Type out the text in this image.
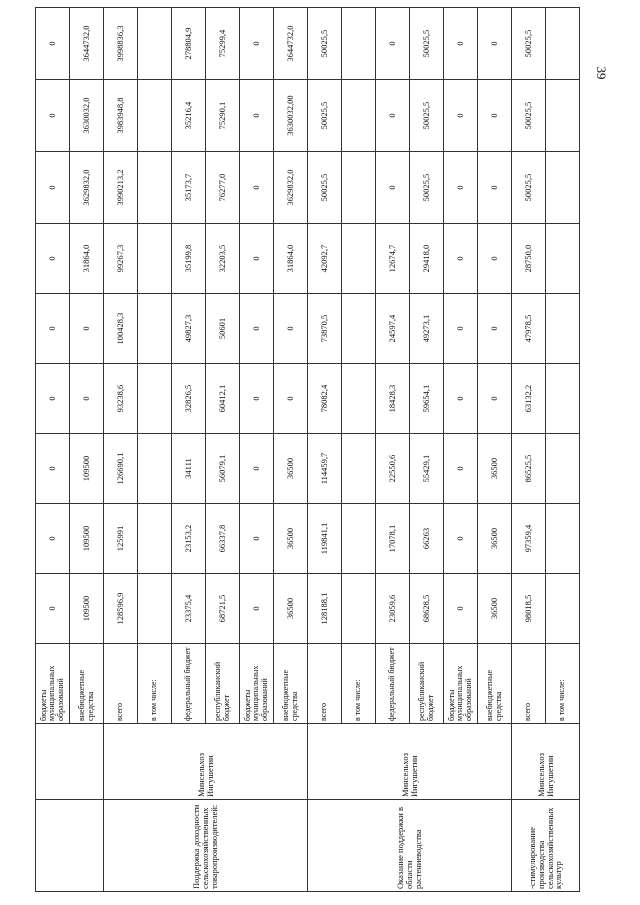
39
		бюджеты муниципальных образований	0	0	0	0	0	0	0	0	0
		внебюджетные средства	109500	109500	109500	0	0	31864,0	3629832,0	3630032,0	3644732,0
Поддержка доходности сельскохозяйственных товаропроизводителей:	Минсельхоз Ингушетии	всего	128596,9	125991	126690,1	93238,6	100428,3	99267,3	3990213,2	3983948,8	3998836,3
		в том числе:									
		федеральный бюджет	23375,4	23153,2	34111	32826,5	49827,3	35199,8	35173,7	35216,4	278804,9
		республиканский бюджет	68721,5	66337,8	56079,1	60412,1	50601	32203,5	76277,0	75290,1	75299,4
		бюджеты муниципальных образований	0	0	0	0	0	0	0	0	0
		внебюджетные средства	36500	36500	36500	0	0	31864,0	3629832,0	3630032,00	3644732,0
Оказание поддержки в области растениеводства	Минсельхоз Ингушетии	всего	128188,1	119841,1	114459,7	78082,4	73870,5	42092,7	50025,5	50025,5	50025,5
		в том числе:									
		федеральный бюджет	23059,6	17078,1	22550,6	18428,3	24597,4	12674,7	0	0	0
		республиканский бюджет	68628,5	66263	55429,1	59654,1	49273,1	29418,0	50025,5	50025,5	50025,5
		бюджеты муниципальных образований	0	0	0	0	0	0	0	0	0
		внебюджетные средства	36500	36500	36500	0	0	0	0	0	0
-стимулирование производства сельскохозяйственных культур	Минсельхоз Ингушетии	всего	98018,5	97359,4	86525,5	63132,2	47978,5	28750,0	50025,5	50025,5	50025,5
		в том числе:									
